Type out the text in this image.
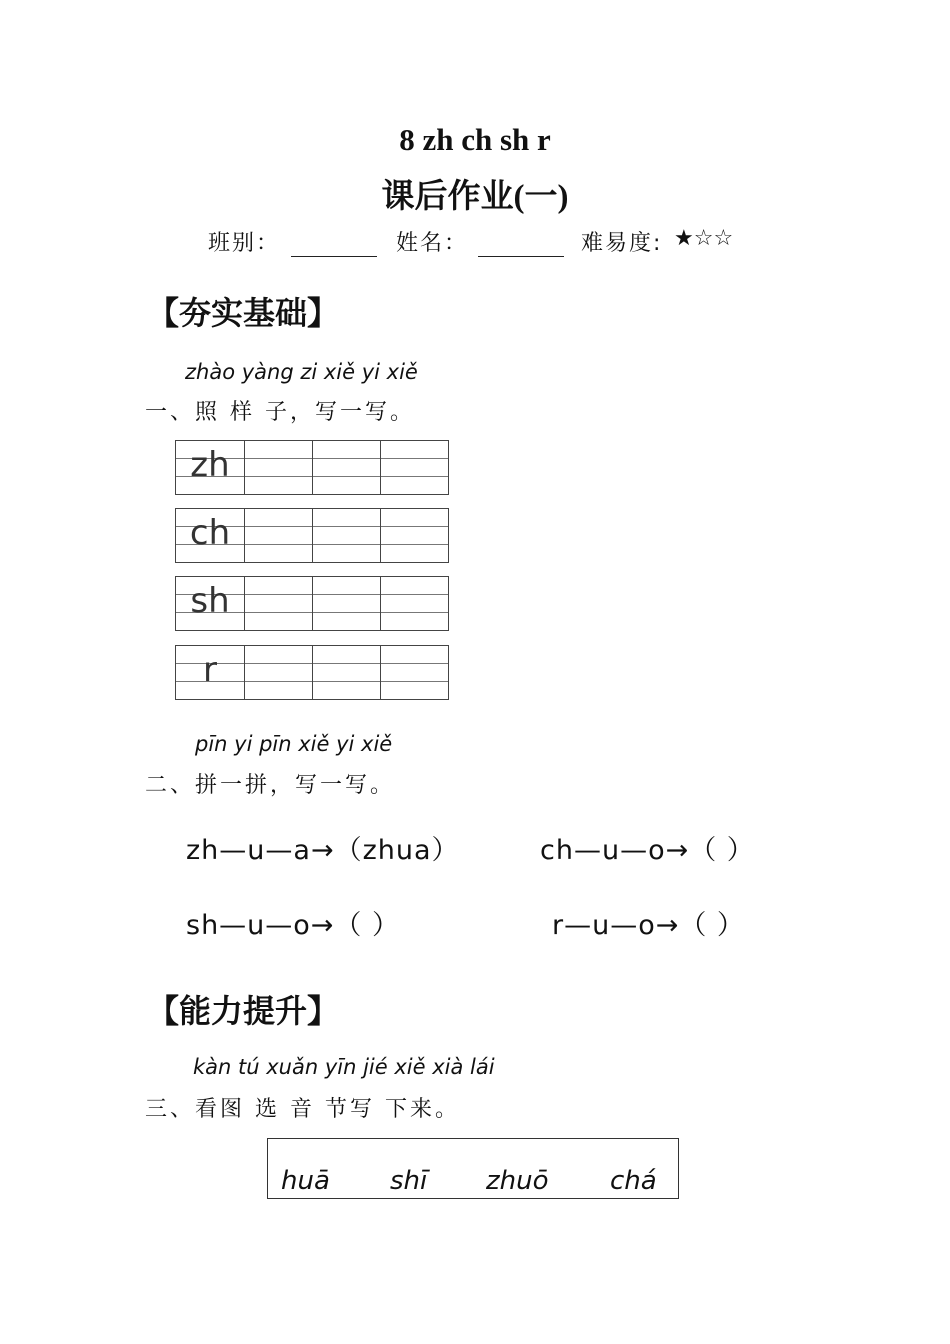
8 zh ch sh r
课后作业(一)
班别：	姓名：	难易度: ★☆☆
【夯实基础】
zhào yàng zi xiě yi xiě
一、照 样 子，写一写。
zh
ch
sh
r
pīn yi pīn xiě yi xiě
二、拼一拼，写一写。
zh—u—a→（zhua）	ch—u—o→（ ）
sh—u—o→（ ）	r—u—o→（ ）
【能力提升】
kàn tú xuǎn yīn jié xiě xià lái
三、看图 选 音 节写 下来。
huā shī zhuō chá
